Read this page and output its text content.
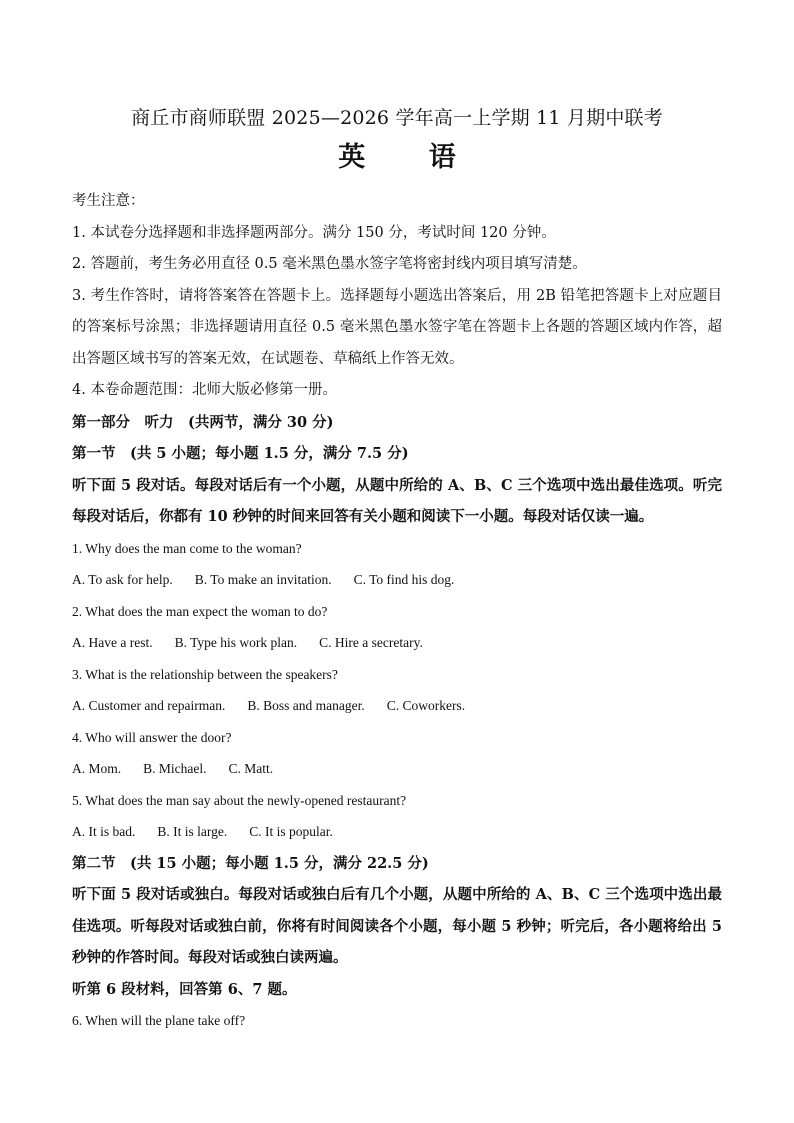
商丘市商师联盟 2025—2026 学年高一上学期 11 月期中联考
英 语
考生注意：
1. 本试卷分选择题和非选择题两部分。满分 150 分，考试时间 120 分钟。
2. 答题前，考生务必用直径 0.5 毫米黑色墨水签字笔将密封线内项目填写清楚。
3. 考生作答时，请将答案答在答题卡上。选择题每小题选出答案后，用 2B 铅笔把答题卡上对应题目的答案标号涂黑；非选择题请用直径 0.5 毫米黑色墨水签字笔在答题卡上各题的答题区域内作答，超出答题区域书写的答案无效，在试题卷、草稿纸上作答无效。
4. 本卷命题范围：北师大版必修第一册。
第一部分　听力　(共两节，满分 30 分)
第一节　(共 5 小题；每小题 1.5 分，满分 7.5 分)
听下面 5 段对话。每段对话后有一个小题，从题中所给的 A、B、C 三个选项中选出最佳选项。听完每段对话后，你都有 10 秒钟的时间来回答有关小题和阅读下一小题。每段对话仅读一遍。
1. Why does the man come to the woman?
A. To ask for help. B. To make an invitation. C. To find his dog.
2. What does the man expect the woman to do?
A. Have a rest. B. Type his work plan. C. Hire a secretary.
3. What is the relationship between the speakers?
A. Customer and repairman. B. Boss and manager. C. Coworkers.
4. Who will answer the door?
A. Mom. B. Michael. C. Matt.
5. What does the man say about the newly-opened restaurant?
A. It is bad. B. It is large. C. It is popular.
第二节　(共 15 小题；每小题 1.5 分，满分 22.5 分)
听下面 5 段对话或独白。每段对话或独白后有几个小题，从题中所给的 A、B、C 三个选项中选出最佳选项。听每段对话或独白前，你将有时间阅读各个小题，每小题 5 秒钟；听完后，各小题将给出 5 秒钟的作答时间。每段对话或独白读两遍。
听第 6 段材料，回答第 6、7 题。
6. When will the plane take off?
